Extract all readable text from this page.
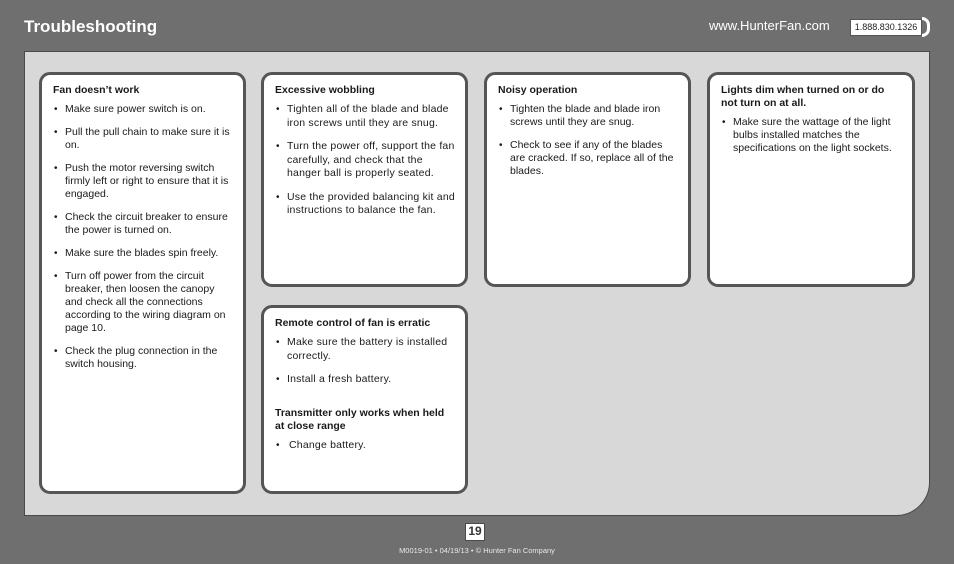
Troubleshooting	www.HunterFan.com	1.888.830.1326
Fan doesn’t work
• Make sure power switch is on.
• Pull the pull chain to make sure it is on.
• Push the motor reversing switch firmly left or right to ensure that it is engaged.
• Check the circuit breaker to ensure the power is turned on.
• Make sure the blades spin freely.
• Turn off power from the circuit breaker, then loosen the canopy and check all the connections according to the wiring diagram on page 10.
• Check the plug connection in the switch housing.
Excessive wobbling
• Tighten all of the blade and blade iron screws until they are snug.
• Turn the power off, support the fan carefully, and check that the hanger ball is properly seated.
• Use the provided balancing kit and instructions to balance the fan.
Noisy operation
• Tighten the blade and blade iron screws until they are snug.
• Check to see if any of the blades are cracked. If so, replace all of the blades.
Lights dim when turned on or do not turn on at all.
• Make sure the wattage of the light bulbs installed matches the specifications on the light sockets.
Remote control of fan is erratic
• Make sure the battery is installed correctly.
• Install a fresh battery.
Transmitter only works when held at close range
• Change battery.
19
M0019-01 • 04/19/13 • © Hunter Fan Company
